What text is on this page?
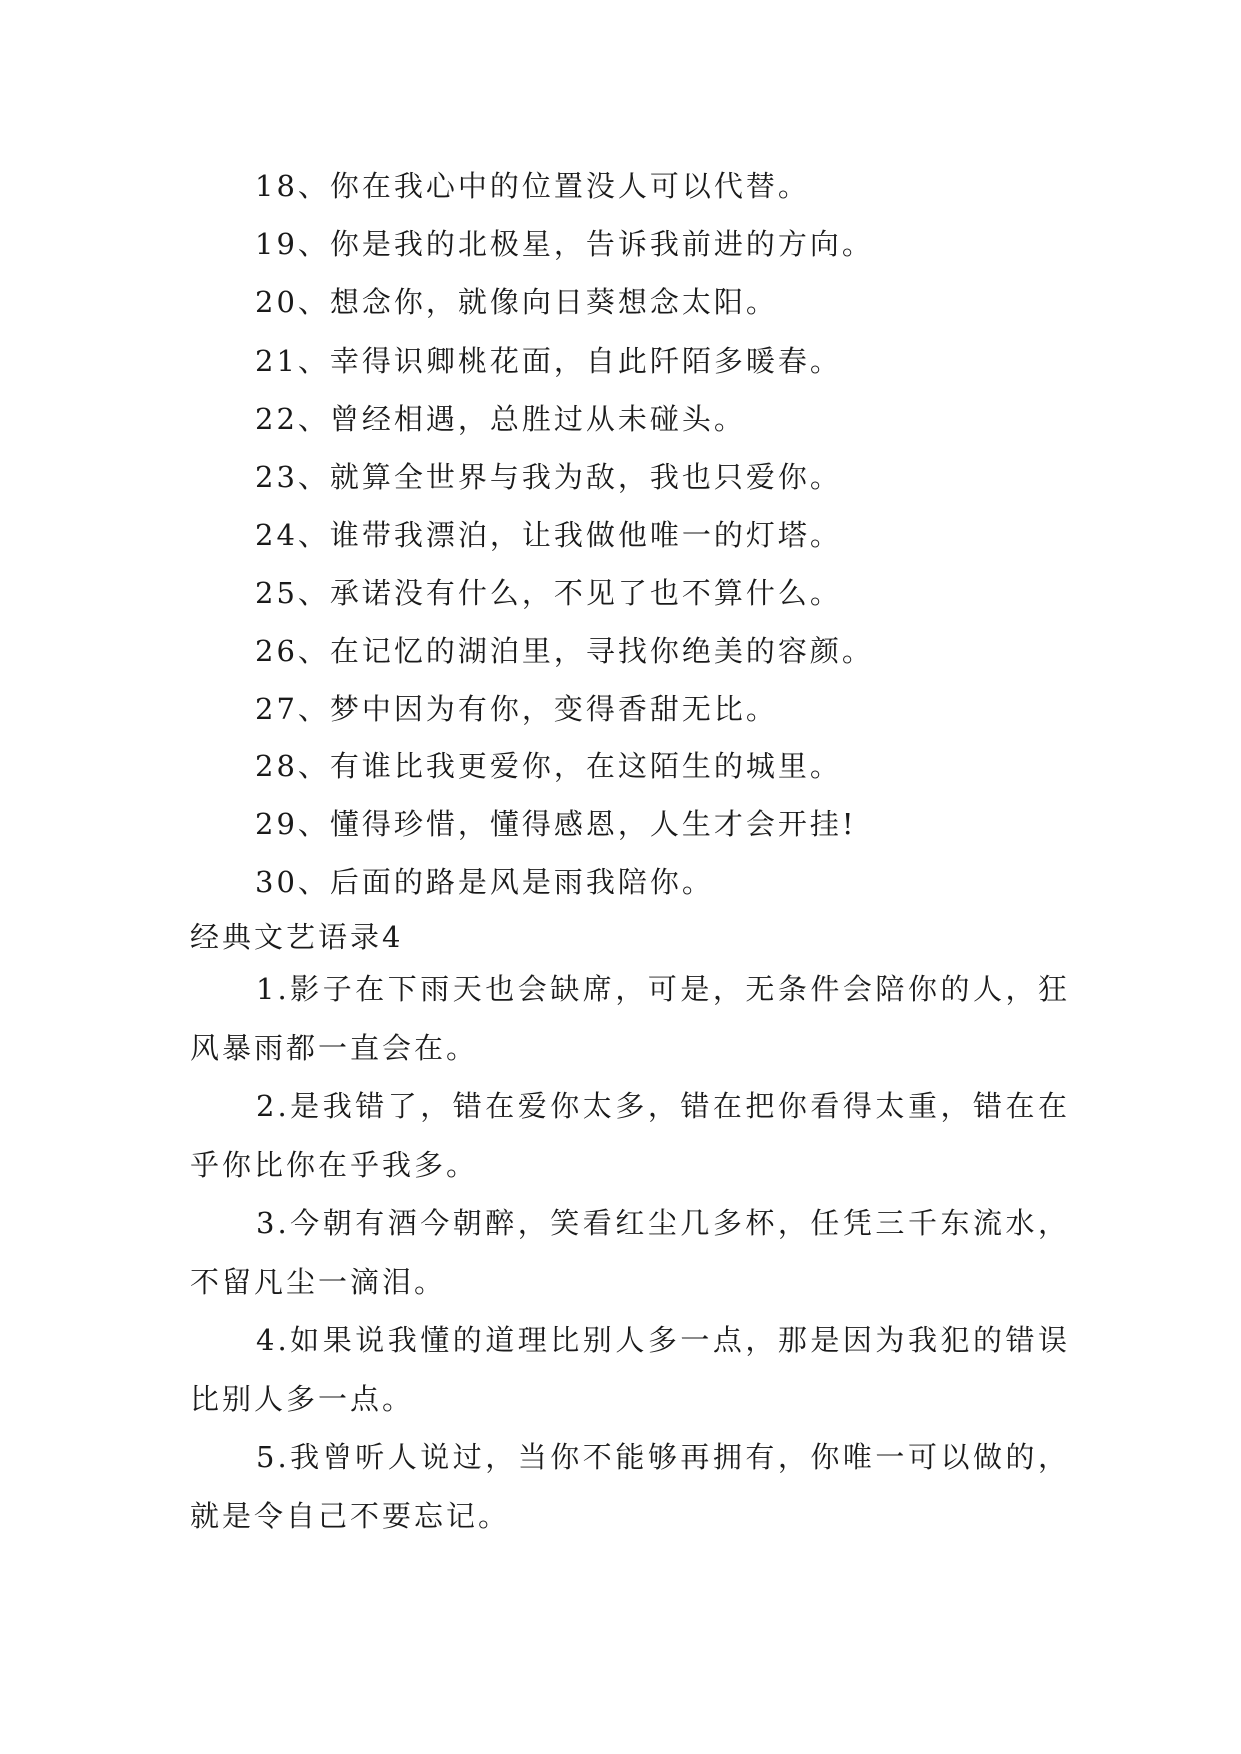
18、你在我心中的位置没人可以代替。
19、你是我的北极星，告诉我前进的方向。
20、想念你，就像向日葵想念太阳。
21、幸得识卿桃花面，自此阡陌多暖春。
22、曾经相遇，总胜过从未碰头。
23、就算全世界与我为敌，我也只爱你。
24、谁带我漂泊，让我做他唯一的灯塔。
25、承诺没有什么，不见了也不算什么。
26、在记忆的湖泊里，寻找你绝美的容颜。
27、梦中因为有你，变得香甜无比。
28、有谁比我更爱你，在这陌生的城里。
29、懂得珍惜，懂得感恩，人生才会开挂!
30、后面的路是风是雨我陪你。
经典文艺语录4

1.影子在下雨天也会缺席，可是，无条件会陪你的人，狂风暴雨都一直会在。

2.是我错了，错在爱你太多，错在把你看得太重，错在在乎你比你在乎我多。

3.今朝有酒今朝醉，笑看红尘几多杯，任凭三千东流水，不留凡尘一滴泪。

4.如果说我懂的道理比别人多一点，那是因为我犯的错误比别人多一点。

5.我曾听人说过，当你不能够再拥有，你唯一可以做的，就是令自己不要忘记。
